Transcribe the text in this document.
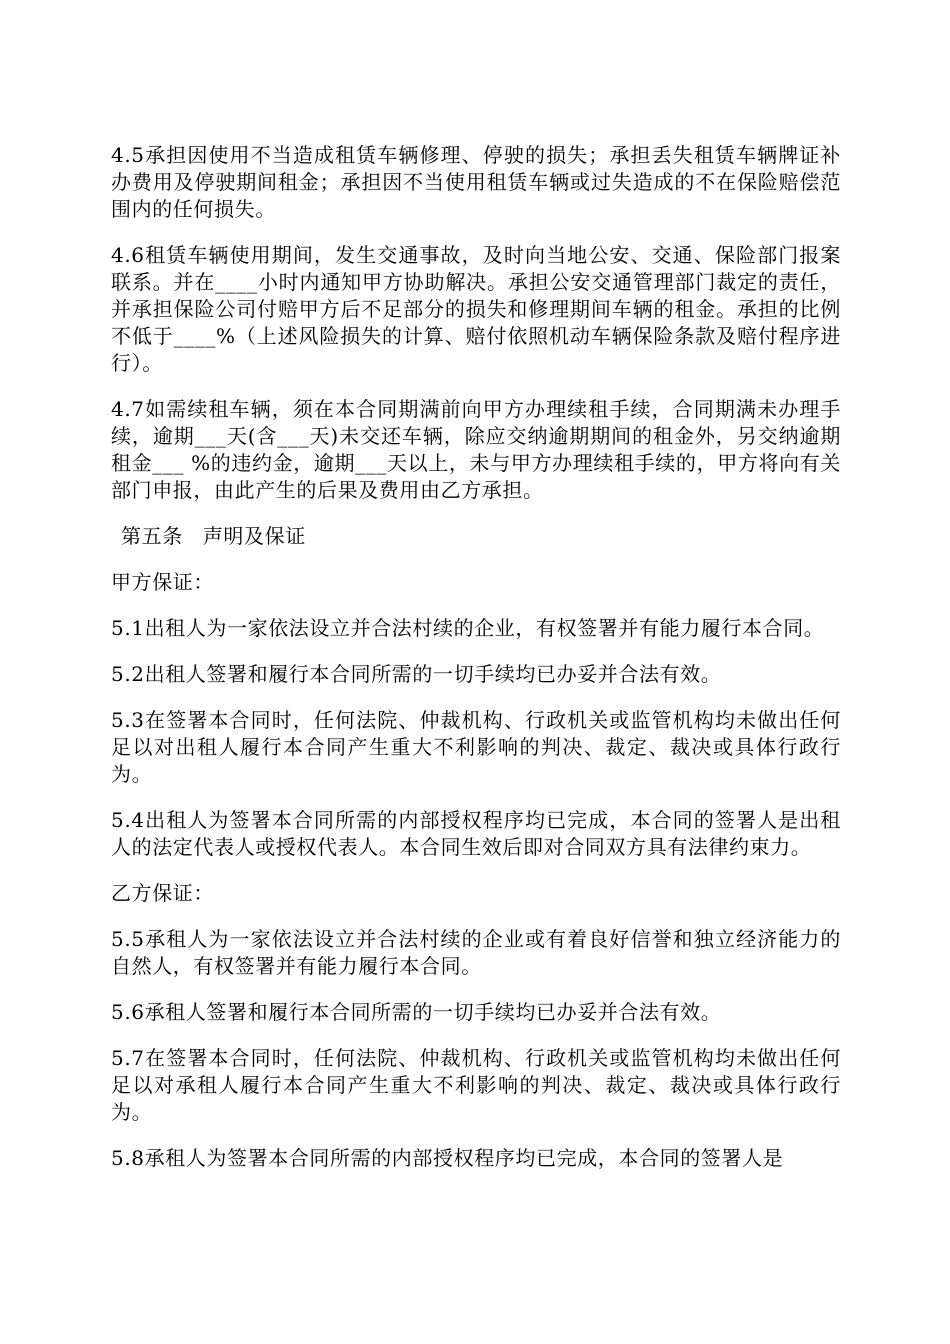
4.5承担因使用不当造成租赁车辆修理、停驶的损失；承担丢失租赁车辆牌证补办费用及停驶期间租金；承担因不当使用租赁车辆或过失造成的不在保险赔偿范围内的任何损失。

4.6租赁车辆使用期间，发生交通事故，及时向当地公安、交通、保险部门报案联系。并在____小时内通知甲方协助解决。承担公安交通管理部门裁定的责任，并承担保险公司付赔甲方后不足部分的损失和修理期间车辆的租金。承担的比例不低于____%（上述风险损失的计算、赔付依照机动车辆保险条款及赔付程序进行）。

4.7如需续租车辆，须在本合同期满前向甲方办理续租手续，合同期满未办理手续，逾期___天(含___天)未交还车辆，除应交纳逾期期间的租金外，另交纳逾期租金___ %的违约金，逾期___天以上，未与甲方办理续租手续的，甲方将向有关部门申报，由此产生的后果及费用由乙方承担。

第五条 声明及保证

甲方保证：

5.1出租人为一家依法设立并合法村续的企业，有权签署并有能力履行本合同。

5.2出租人签署和履行本合同所需的一切手续均已办妥并合法有效。

5.3在签署本合同时，任何法院、仲裁机构、行政机关或监管机构均未做出任何足以对出租人履行本合同产生重大不利影响的判决、裁定、裁决或具体行政行为。

5.4出租人为签署本合同所需的内部授权程序均已完成，本合同的签署人是出租人的法定代表人或授权代表人。本合同生效后即对合同双方具有法律约束力。

乙方保证：

5.5承租人为一家依法设立并合法村续的企业或有着良好信誉和独立经济能力的自然人，有权签署并有能力履行本合同。

5.6承租人签署和履行本合同所需的一切手续均已办妥并合法有效。

5.7在签署本合同时，任何法院、仲裁机构、行政机关或监管机构均未做出任何足以对承租人履行本合同产生重大不利影响的判决、裁定、裁决或具体行政行为。

5.8承租人为签署本合同所需的内部授权程序均已完成，本合同的签署人是
